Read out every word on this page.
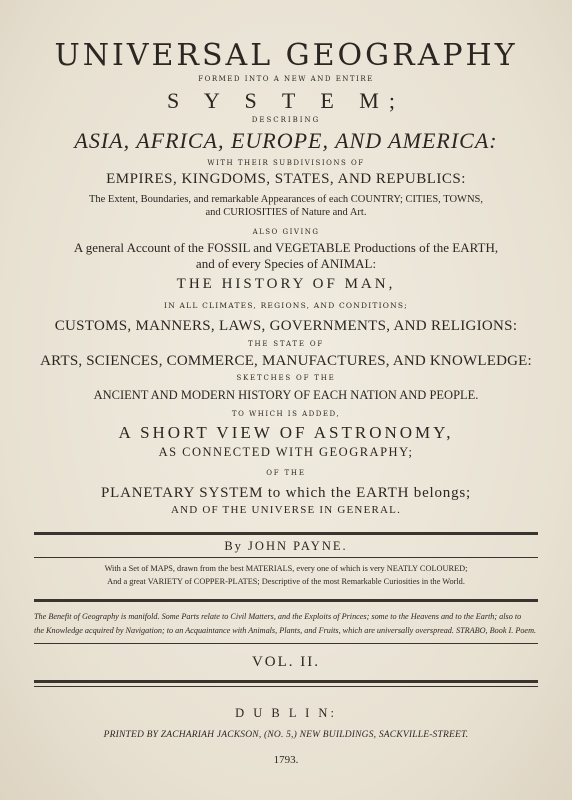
UNIVERSAL GEOGRAPHY
FORMED INTO A NEW AND ENTIRE
S Y S T E M;
DESCRIBING
ASIA, AFRICA, EUROPE, AND AMERICA:
WITH THEIR SUBDIVISIONS OF
EMPIRES, KINGDOMS, STATES, AND REPUBLICS:
The Extent, Boundaries, and remarkable Appearances of each COUNTRY; CITIES, TOWNS,
and CURIOSITIES of Nature and Art.
ALSO GIVING
A general Account of the FOSSIL and VEGETABLE Productions of the EARTH,
and of every Species of ANIMAL:
THE HISTORY OF MAN,
IN ALL CLIMATES, REGIONS, AND CONDITIONS;
CUSTOMS, MANNERS, LAWS, GOVERNMENTS, AND RELIGIONS:
THE STATE OF
ARTS, SCIENCES, COMMERCE, MANUFACTURES, AND KNOWLEDGE:
SKETCHES OF THE
ANCIENT AND MODERN HISTORY OF EACH NATION AND PEOPLE.
TO WHICH IS ADDED,
A SHORT VIEW OF ASTRONOMY,
AS CONNECTED WITH GEOGRAPHY;
OF THE
PLANETARY SYSTEM to which the EARTH belongs;
AND OF THE UNIVERSE IN GENERAL.
By JOHN PAYNE.
With a Set of MAPS, drawn from the best MATERIALS, every one of which is very NEATLY COLOURED;
And a great VARIETY of COPPER-PLATES; Descriptive of the most Remarkable Curiosities in the World.
The Benefit of Geography is manifold. Some Parts relate to Civil Matters, and the Exploits of Princes; some to the Heavens and to the Earth; also to
the Knowledge acquired by Navigation; to an Acquaintance with Animals, Plants, and Fruits, which are universally overspread. STRABO, Book I. Poem.
VOL. II.
D U B L I N:
PRINTED BY ZACHARIAH JACKSON, (NO. 5,) NEW BUILDINGS, SACKVILLE-STREET.
1793.
